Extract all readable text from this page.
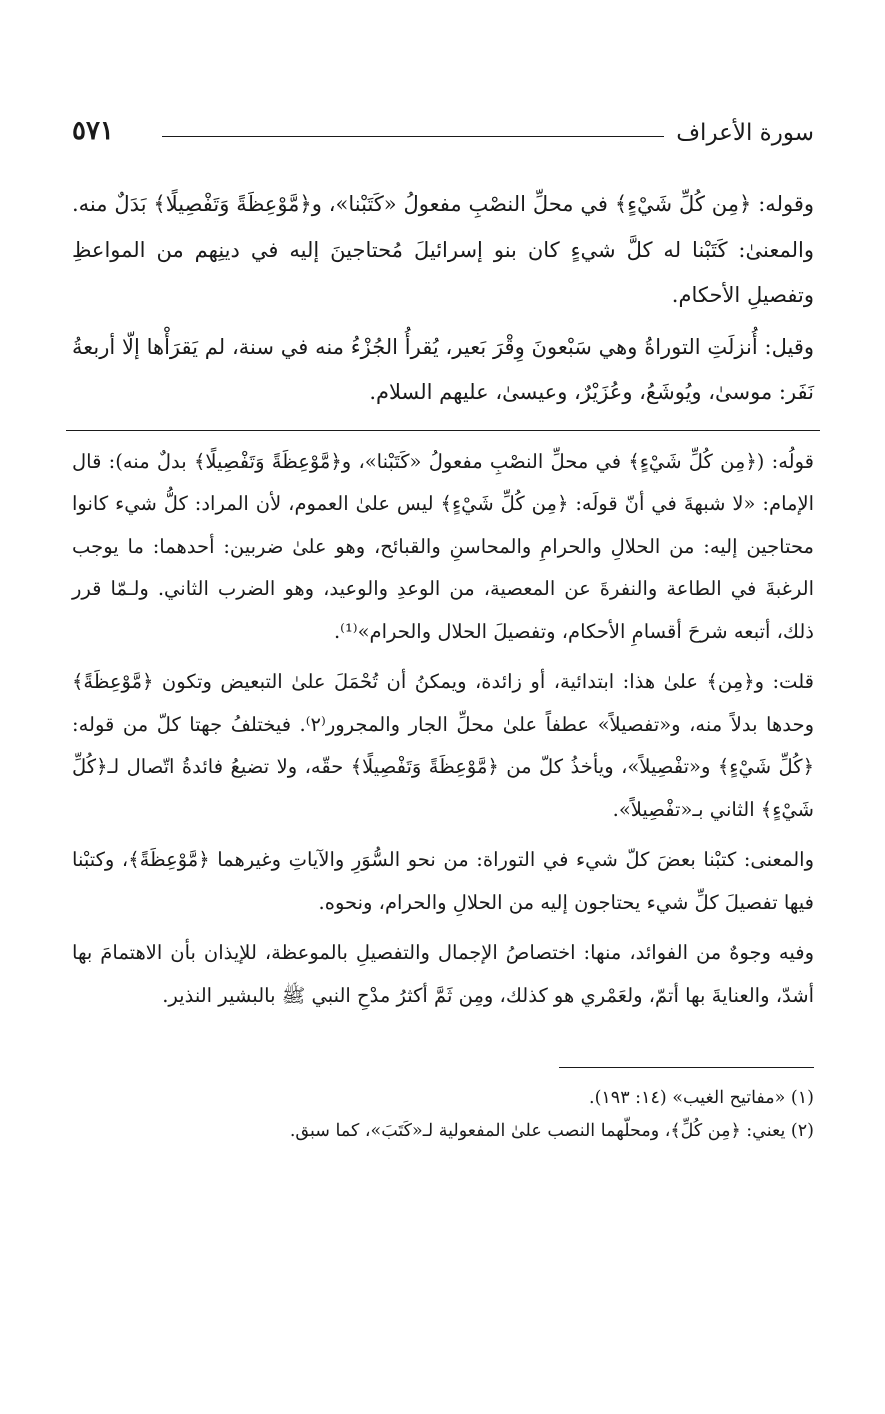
سورة الأعراف
٥٧١

وقوله: ﴿مِن كُلِّ شَيْءٍ﴾ في محلِّ النصْبِ مفعولُ «كَتَبْنا»، و﴿مَّوْعِظَةً وَتَفْصِيلًا﴾ بَدَلٌ منه. والمعنىٰ: كَتَبْنا له كلَّ شيءٍ كان بنو إسرائيلَ مُحتاجينَ إليه في دينِهم من المواعظِ وتفصيلِ الأحكام.

وقيل: أُنزلَتِ التوراةُ وهي سَبْعونَ وِقْرَ بَعير، يُقرأُ الجُزْءُ منه في سنة، لم يَقرَأْها إلّا أربعةُ نَفَر: موسىٰ، ويُوشَعُ، وعُزَيْرٌ، وعيسىٰ، عليهم السلام.

قولُه: (﴿مِن كُلِّ شَيْءٍ﴾ في محلِّ النصْبِ مفعولُ «كَتَبْنا»، و﴿مَّوْعِظَةً وَتَفْصِيلًا﴾ بدلٌ منه): قال الإمام: «لا شبهةَ في أنّ قولَه: ﴿مِن كُلِّ شَيْءٍ﴾ ليس علىٰ العموم، لأن المراد: كلُّ شيء كانوا محتاجين إليه: من الحلالِ والحرامِ والمحاسنِ والقبائح، وهو علىٰ ضربين: أحدهما: ما يوجب الرغبةَ في الطاعة والنفرةَ عن المعصية، من الوعدِ والوعيد، وهو الضرب الثاني. ولـمّا قرر ذلك، أتبعه شرحَ أقسامِ الأحكام، وتفصيلَ الحلال والحرام»⁽¹⁾.

قلت: و﴿مِن﴾ علىٰ هذا: ابتدائية، أو زائدة، ويمكنُ أن تُحْمَلَ علىٰ التبعيض وتكون ﴿مَّوْعِظَةً﴾ وحدها بدلاً منه، و«تفصيلاً» عطفاً علىٰ محلِّ الجار والمجرور⁽٢⁾. فيختلفُ جهتا كلّ من قوله: ﴿كُلِّ شَيْءٍ﴾ و«تفْصِيلاً»، ويأخذُ كلّ من ﴿مَّوْعِظَةً وَتَفْصِيلًا﴾ حقّه، ولا تضيعُ فائدةُ اتّصال لـ﴿كُلِّ شَيْءٍ﴾ الثاني بـ«تفْصِيلاً».

والمعنى: كتبْنا بعضَ كلّ شيء في التوراة: من نحو السُّوَرِ والآياتِ وغيرهما ﴿مَّوْعِظَةً﴾، وكتبْنا فيها تفصيلَ كلِّ شيء يحتاجون إليه من الحلالِ والحرام، ونحوه.

وفيه وجوهٌ من الفوائد، منها: اختصاصُ الإجمال والتفصيلِ بالموعظة، للإيذان بأن الاهتمامَ بها أشدّ، والعنايةَ بها أتمّ، ولعَمْري هو كذلك، ومِن ثَمَّ أكثرُ مدْحِ النبي ﷺ بالبشير النذير.

(١) «مفاتيح الغيب» (١٤: ١٩٣).

(٢) يعني: ﴿مِن كُلِّ﴾، ومحلّهما النصب علىٰ المفعولية لـ«كَتَبَ»، كما سبق.
